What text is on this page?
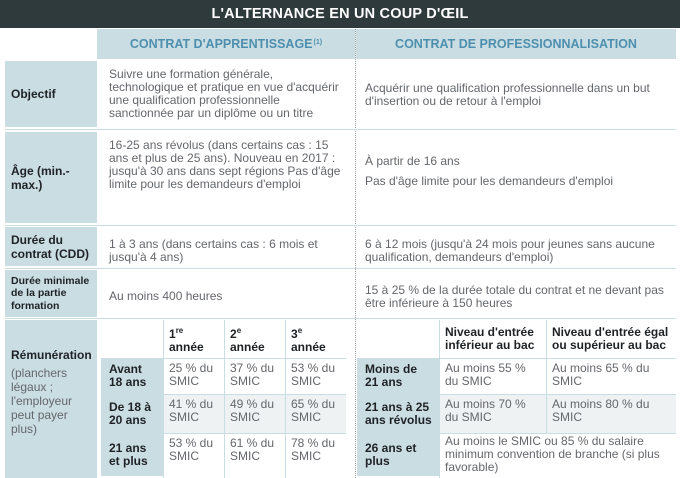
L'ALTERNANCE EN UN COUP D'ŒIL
CONTRAT D'APPRENTISSAGE$^{(1)}$	CONTRAT DE PROFESSIONNALISATION
Objectif
Suivre une formation générale, technologique et pratique en vue d'acquérir une qualification professionnelle sanctionnée par un diplôme ou un titre
Acquérir une qualification professionnelle dans un but d'insertion ou de retour à l'emploi
Âge (min.-max.)
16-25 ans révolus (dans certains cas : 15 ans et plus de 25 ans). Nouveau en 2017 : jusqu'à 30 ans dans sept régions Pas d'âge limite pour les demandeurs d'emploi
À partir de 16 ans
Pas d'âge limite pour les demandeurs d'emploi
Durée du contrat (CDD)
1 à 3 ans (dans certains cas : 6 mois et jusqu'à 4 ans)
6 à 12 mois (jusqu'à 24 mois pour jeunes sans aucune qualification, demandeurs d'emploi)
Durée minimale de la partie formation
Au moins 400 heures	15 à 25 % de la durée totale du contrat et ne devant pas être inférieure à 150 heures
Rémunération
(planchers légaux ; l'employeur peut payer plus)
1re
année
2e
année
3e
année
Avant 18 ans
25 % du SMIC
37 % du SMIC
53 % du SMIC
De 18 à 20 ans
41 % du SMIC
49 % du SMIC
65 % du SMIC
21 ans et plus
53 % du SMIC
61 % du SMIC
78 % du SMIC
Niveau d'entrée inférieur au bac
Niveau d'entrée égal ou supérieur au bac
Moins de 21 ans
Au moins 55 % du SMIC
Au moins 65 % du SMIC
21 ans à 25 ans révolus
Au moins 70 % du SMIC
Au moins 80 % du SMIC
26 ans et plus
Au moins le SMIC ou 85 % du salaire minimum convention de branche (si plus favorable)
